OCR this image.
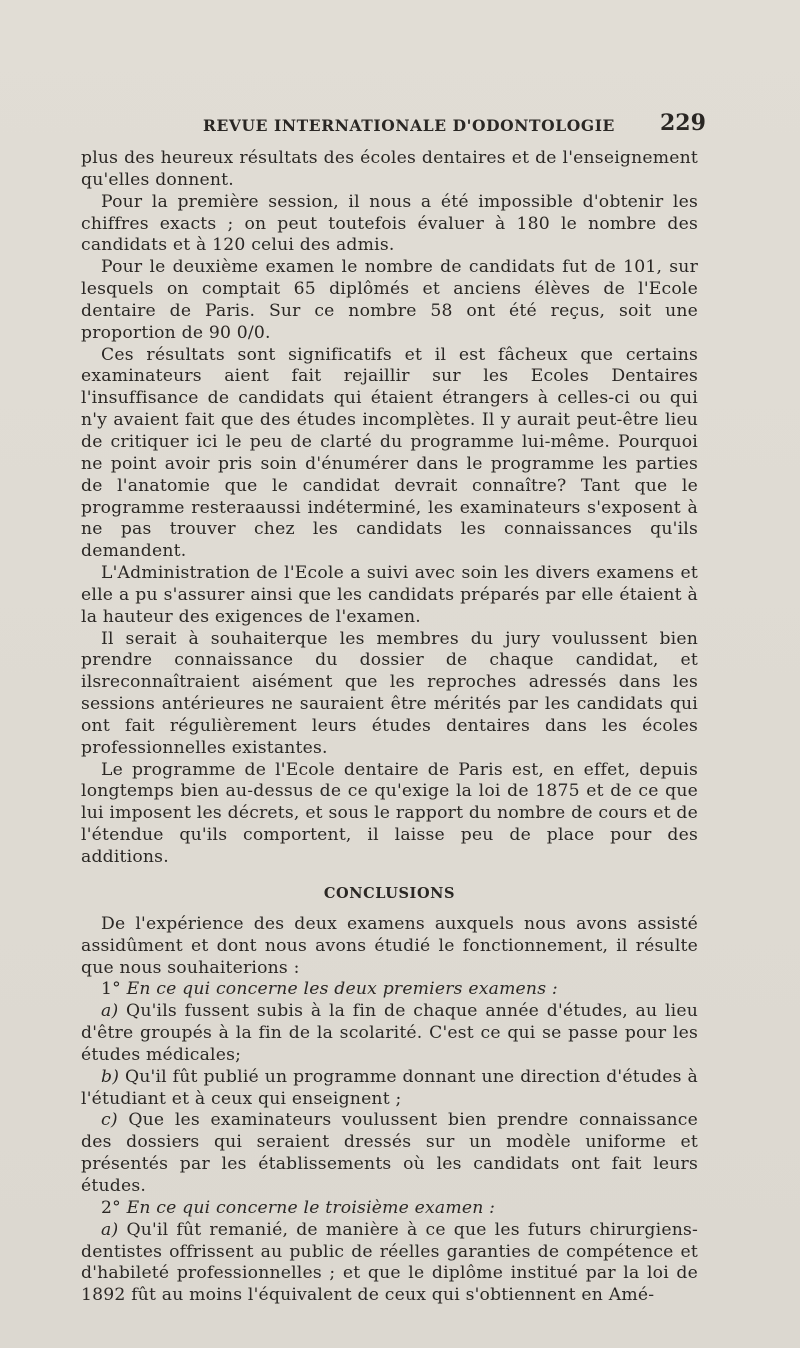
REVUE INTERNATIONALE D'ODONTOLOGIE 229

plus des heureux résultats des écoles dentaires et de l'enseignement qu'elles donnent.

Pour la première session, il nous a été impossible d'obtenir les chiffres exacts ; on peut toutefois évaluer à 180 le nombre des candidats et à 120 celui des admis.

Pour le deuxième examen le nombre de candidats fut de 101, sur lesquels on comptait 65 diplômés et anciens élèves de l'Ecole dentaire de Paris. Sur ce nombre 58 ont été reçus, soit une proportion de 90 0/0.

Ces résultats sont significatifs et il est fâcheux que certains examinateurs aient fait rejaillir sur les Ecoles Dentaires l'insuffisance de candidats qui étaient étrangers à celles-ci ou qui n'y avaient fait que des études incomplètes. Il y aurait peut-être lieu de critiquer ici le peu de clarté du programme lui-même. Pourquoi ne point avoir pris soin d'énumérer dans le programme les parties de l'anatomie que le candidat devrait connaître? Tant que le programme resteraaussi indéterminé, les examinateurs s'exposent à ne pas trouver chez les candidats les connaissances qu'ils demandent.

L'Administration de l'Ecole a suivi avec soin les divers examens et elle a pu s'assurer ainsi que les candidats préparés par elle étaient à la hauteur des exigences de l'examen.

Il serait à souhaiterque les membres du jury voulussent bien prendre connaissance du dossier de chaque candidat, et ilsreconnaîtraient aisément que les reproches adressés dans les sessions antérieures ne sauraient être mérités par les candidats qui ont fait régulièrement leurs études dentaires dans les écoles professionnelles existantes.

Le programme de l'Ecole dentaire de Paris est, en effet, depuis longtemps bien au-dessus de ce qu'exige la loi de 1875 et de ce que lui imposent les décrets, et sous le rapport du nombre de cours et de l'étendue qu'ils comportent, il laisse peu de place pour des additions.

CONCLUSIONS

De l'expérience des deux examens auxquels nous avons assisté assidûment et dont nous avons étudié le fonctionnement, il résulte que nous souhaiterions :

1° En ce qui concerne les deux premiers examens :

a) Qu'ils fussent subis à la fin de chaque année d'études, au lieu d'être groupés à la fin de la scolarité. C'est ce qui se passe pour les études médicales;

b) Qu'il fût publié un programme donnant une direction d'études à l'étudiant et à ceux qui enseignent ;

c) Que les examinateurs voulussent bien prendre connaissance des dossiers qui seraient dressés sur un modèle uniforme et présentés par les établissements où les candidats ont fait leurs études.

2° En ce qui concerne le troisième examen :

a) Qu'il fût remanié, de manière à ce que les futurs chirurgiens-dentistes offrissent au public de réelles garanties de compétence et d'habileté professionnelles ; et que le diplôme institué par la loi de 1892 fût au moins l'équivalent de ceux qui s'obtiennent en Amé-
